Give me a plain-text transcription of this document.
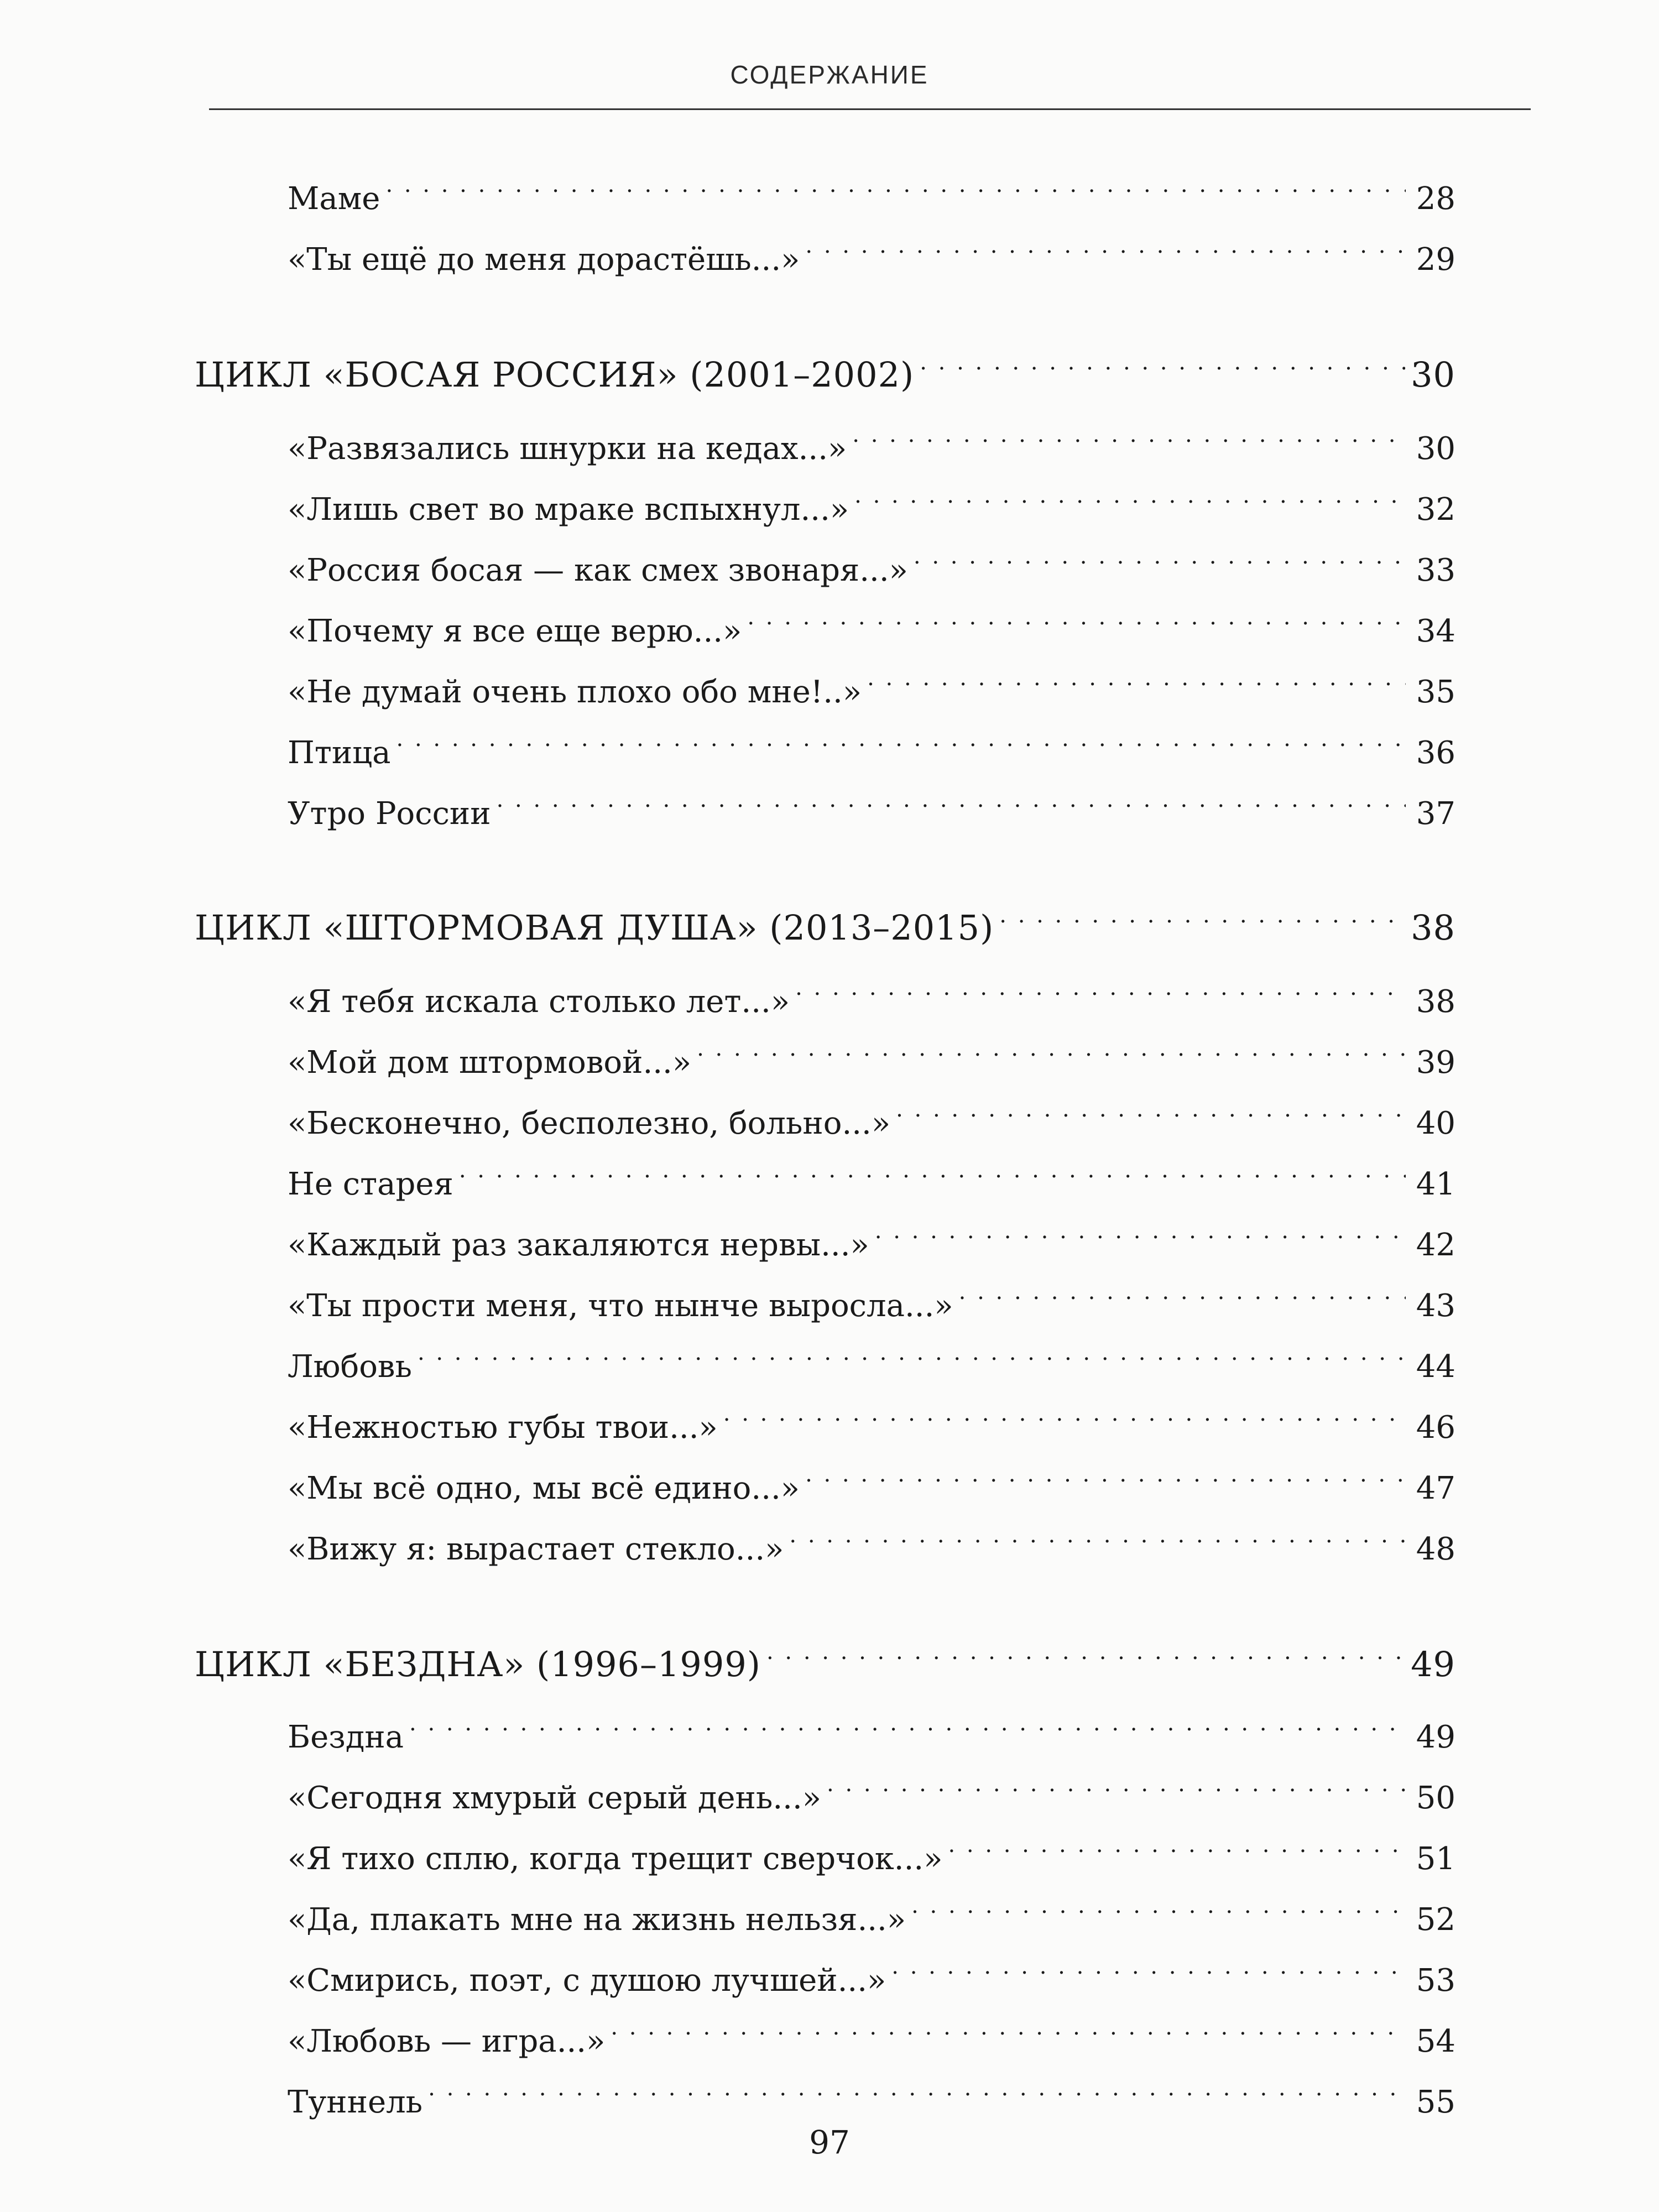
СОДЕРЖАНИЕ
Маме . . .	28
«Ты ещё до меня дорастёшь...» . . .	29
ЦИКЛ «БОСАЯ РОССИЯ» (2001–2002) . . .	30
«Развязались шнурки на кедах...» . . .	30
«Лишь свет во мраке вспыхнул...» . . .	32
«Россия босая — как смех звонаря...» . . .	33
«Почему я все еще верю...» . . .	34
«Не думай очень плохо обо мне!..» . . .	35
Птица . . .	36
Утро России . . .	37
ЦИКЛ «ШТОРМОВАЯ ДУША» (2013–2015) . . .	38
«Я тебя искала столько лет...» . . .	38
«Мой дом штормовой...» . . .	39
«Бесконечно, бесполезно, больно...» . . .	40
Не старея . . .	41
«Каждый раз закаляются нервы...» . . .	42
«Ты прости меня, что нынче выросла...» . . .	43
Любовь . . .	44
«Нежностью губы твои...» . . .	46
«Мы всё одно, мы всё едино...» . . .	47
«Вижу я: вырастает стекло...» . . .	48
ЦИКЛ «БЕЗДНА» (1996–1999) . . .	49
Бездна . . .	49
«Сегодня хмурый серый день...» . . .	50
«Я тихо сплю, когда трещит сверчок...» . . .	51
«Да, плакать мне на жизнь нельзя...» . . .	52
«Смирись, поэт, с душою лучшей...» . . .	53
«Любовь — игра...» . . .	54
Туннель . . .	55
97
